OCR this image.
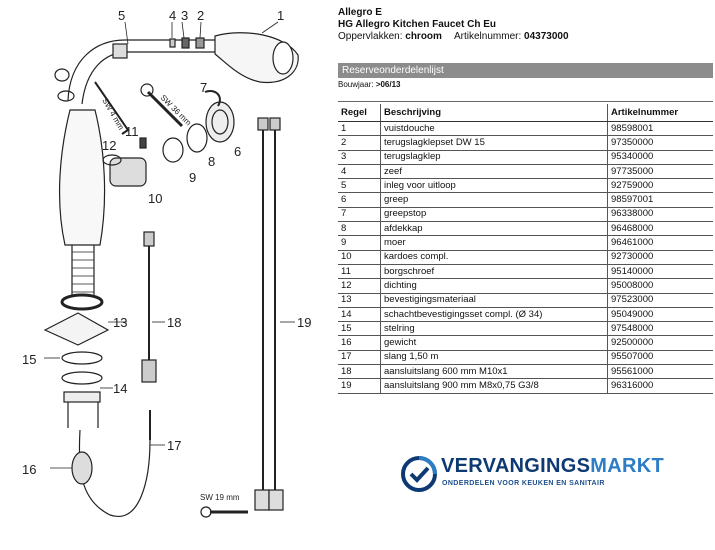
1
2
3
4
5
6
7
8
9
10
11
12
13
14
15
16
17
18	19
SW 4 mm	SW 36 mm
SW 19 mm
Allegro E
HG Allegro Kitchen Faucet Ch Eu
Oppervlakken: chroom Artikelnummer: 04373000
Reserveonderdelenlijst
Bouwjaar: >06/13
Regel	Beschrijving	Artikelnummer
1	vuistdouche	98598001
2	terugslagklepset DW 15	97350000
3	terugslagklep	95340000
4	zeef	97735000
5	inleg voor uitloop	92759000
6	greep	98597001
7	greepstop	96338000
8	afdekkap	96468000
9	moer	96461000
10	kardoes compl.	92730000
11	borgschroef	95140000
12	dichting	95008000
13	bevestigingsmateriaal	97523000
14	schachtbevestigingsset compl. (Ø 34)	95049000
15	stelring	97548000
16	gewicht	92500000
17	slang 1,50 m	95507000
18	aansluitslang 600 mm M10x1	95561000
19	aansluitslang 900 mm M8x0,75 G3/8	96316000
VERVANGINGSMARKT
ONDERDELEN VOOR KEUKEN EN SANITAIR
